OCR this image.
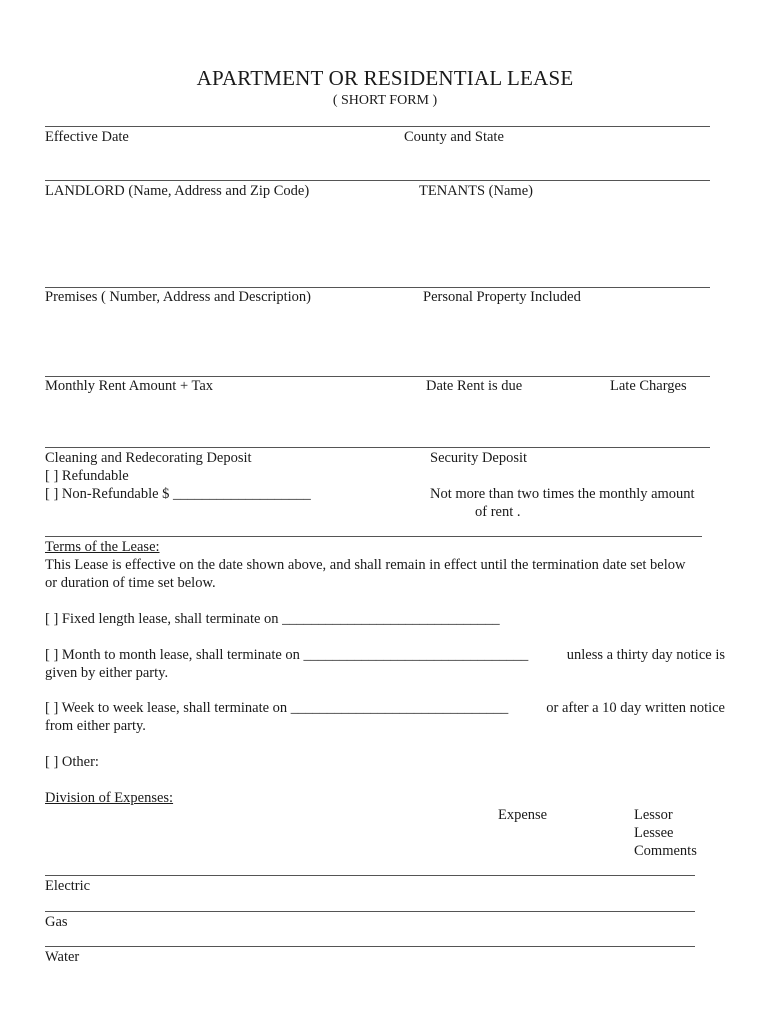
APARTMENT OR RESIDENTIAL LEASE
( SHORT FORM )
Effective Date	County and State
LANDLORD (Name, Address and Zip Code)	TENANTS (Name)
Premises ( Number, Address and Description)	Personal Property Included
Monthly Rent Amount + Tax	Date Rent is due	Late Charges
Cleaning and Redecorating Deposit
[ ] Refundable
[ ] Non-Refundable $ ___________________
Security Deposit
Not more than two times the monthly amount
of rent .
Terms of the Lease:
This Lease is effective on the date shown above, and shall remain in effect until the termination date set below
or duration of time set below.
[ ] Fixed length lease, shall terminate on ______________________________
[ ] Month to month lease, shall terminate on _______________________________	unless a thirty day notice is
given by either party.
[ ] Week to week lease, shall terminate on ______________________________	or after a 10 day written notice
from either party.
[ ] Other:
Division of Expenses:
Expense	Lessor
Lessee
Comments
Electric
Gas
Water
